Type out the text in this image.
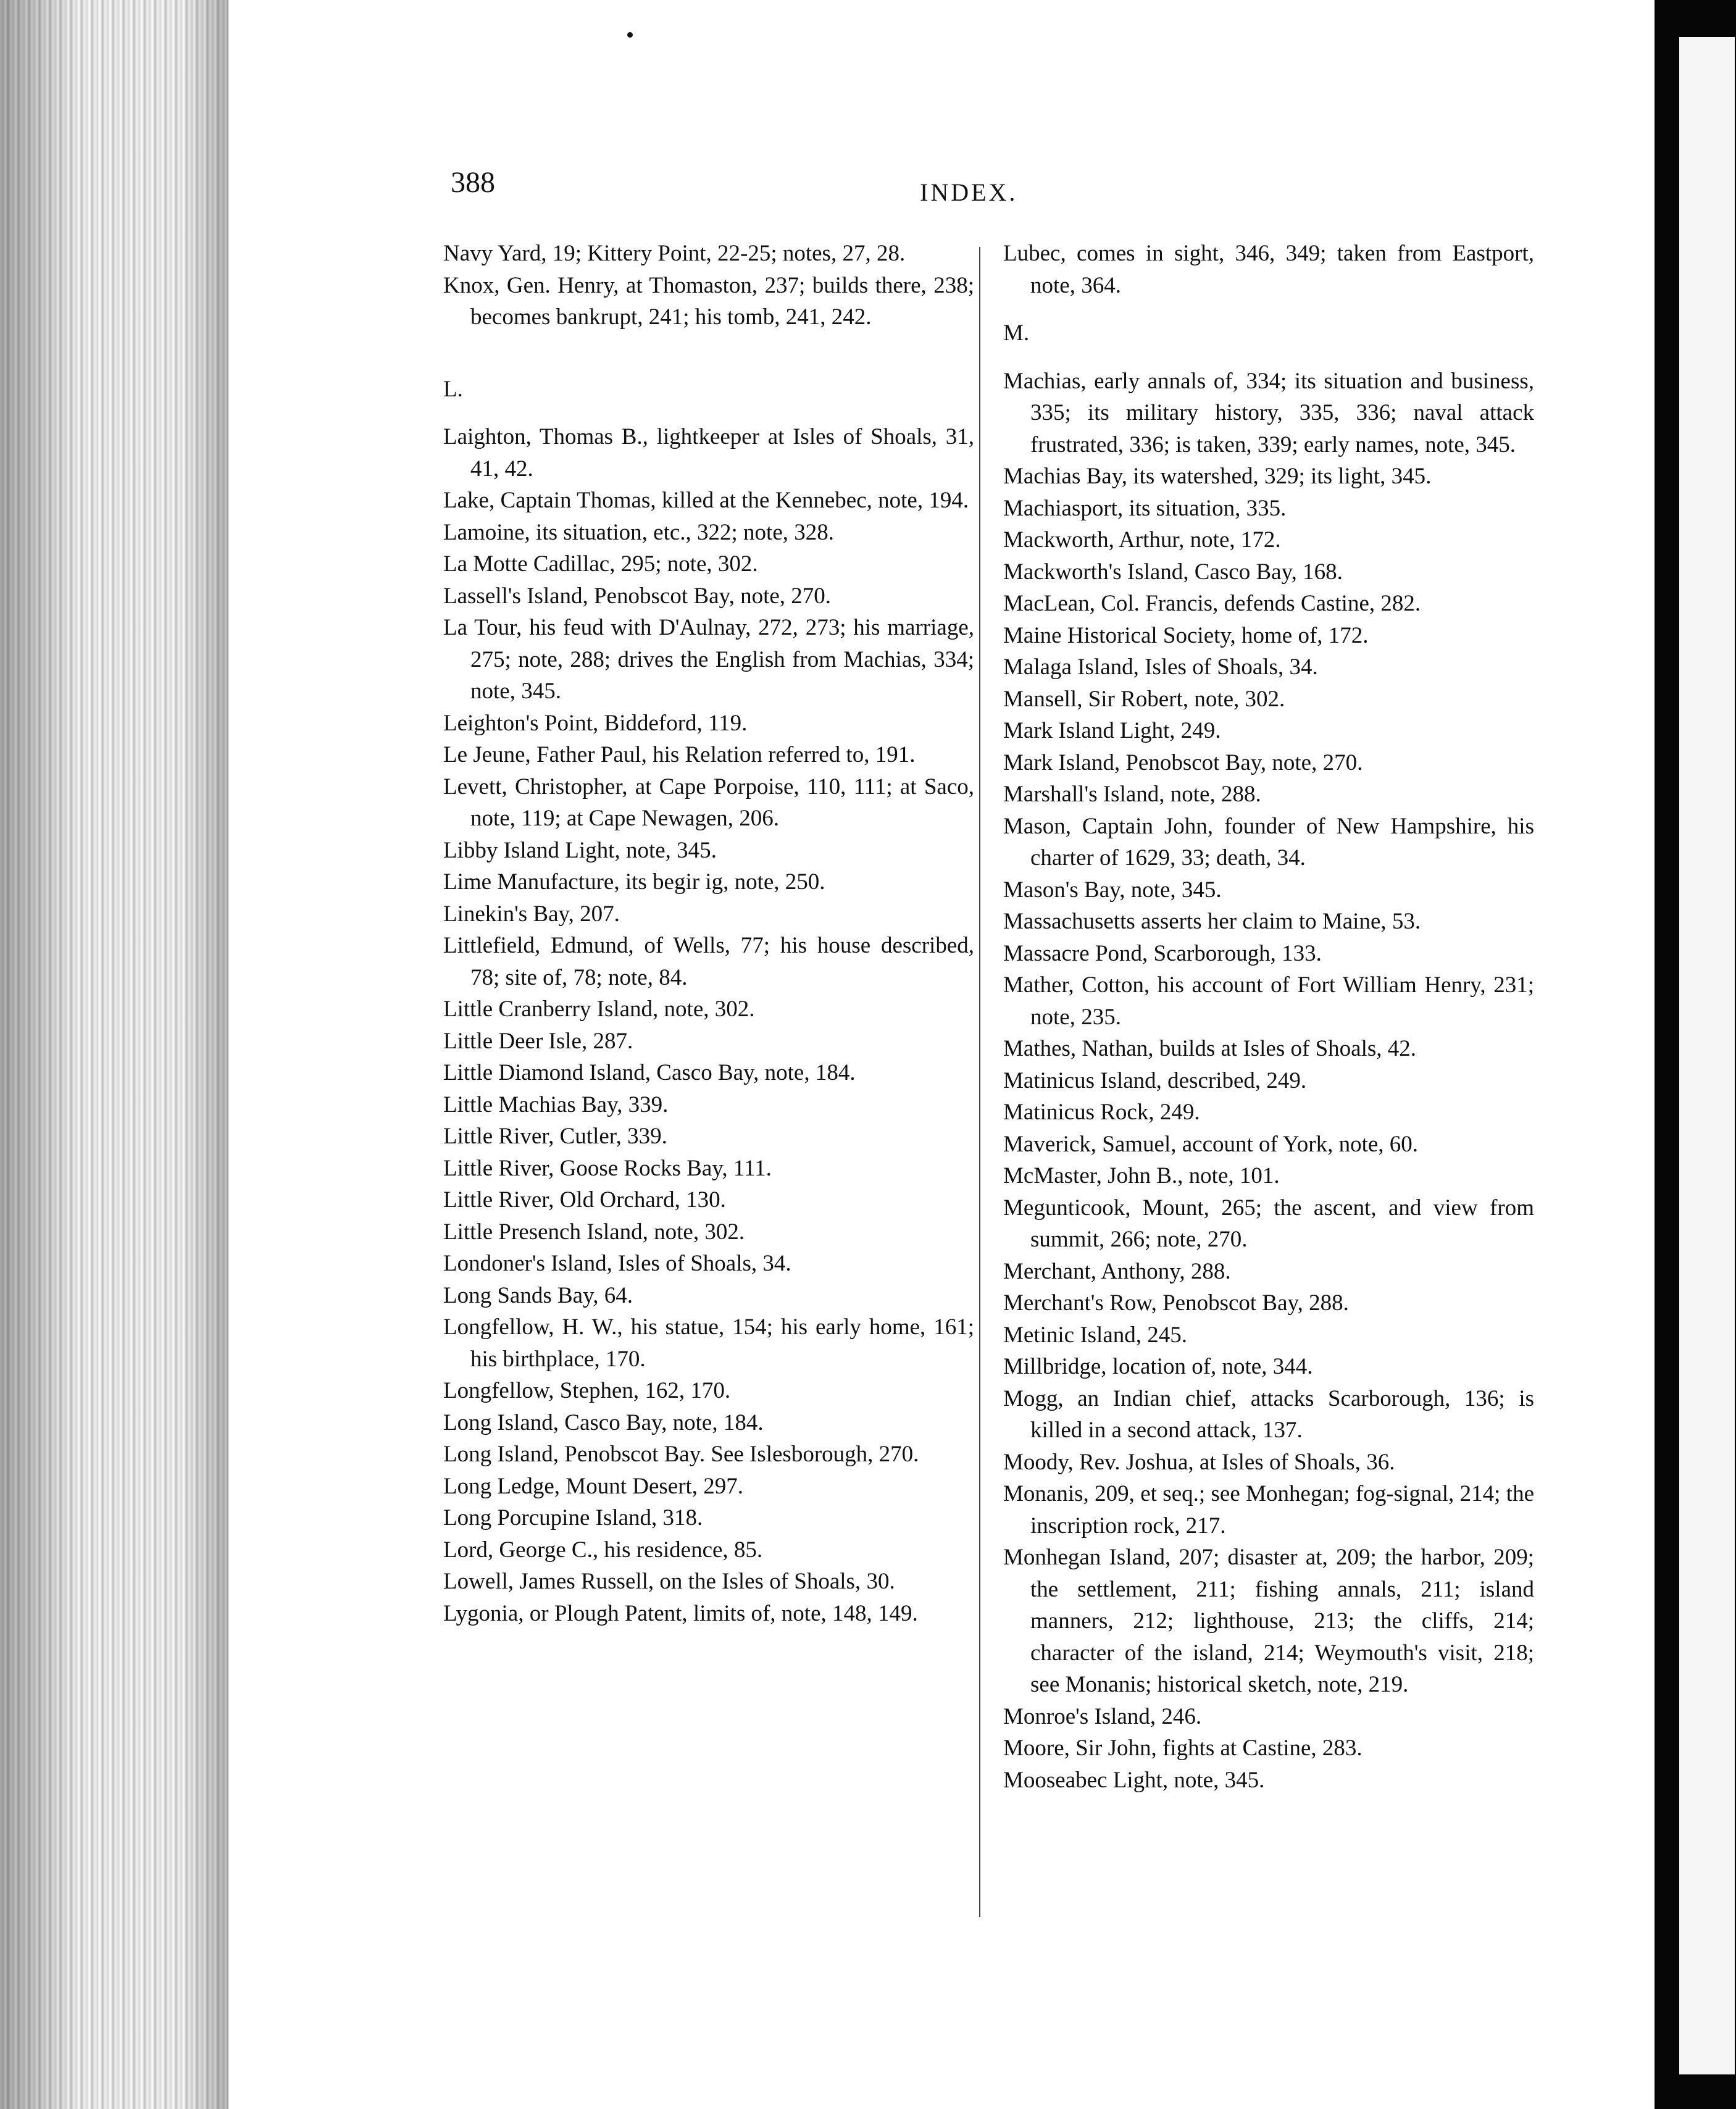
388	INDEX.
Navy Yard, 19; Kittery Point, 22-25; notes, 27, 28.
Knox, Gen. Henry, at Thomaston, 237; builds there, 238; becomes bankrupt, 241; his tomb, 241, 242.
L.
Laighton, Thomas B., lightkeeper at Isles of Shoals, 31, 41, 42.
Lake, Captain Thomas, killed at the Kennebec, note, 194.
Lamoine, its situation, etc., 322; note, 328.
La Motte Cadillac, 295; note, 302.
Lassell's Island, Penobscot Bay, note, 270.
La Tour, his feud with D'Aulnay, 272, 273; his marriage, 275; note, 288; drives the English from Machias, 334; note, 345.
Leighton's Point, Biddeford, 119.
Le Jeune, Father Paul, his Relation referred to, 191.
Levett, Christopher, at Cape Porpoise, 110, 111; at Saco, note, 119; at Cape Newagen, 206.
Libby Island Light, note, 345.
Lime Manufacture, its begir ig, note, 250.
Linekin's Bay, 207.
Littlefield, Edmund, of Wells, 77; his house described, 78; site of, 78; note, 84.
Little Cranberry Island, note, 302.
Little Deer Isle, 287.
Little Diamond Island, Casco Bay, note, 184.
Little Machias Bay, 339.
Little River, Cutler, 339.
Little River, Goose Rocks Bay, 111.
Little River, Old Orchard, 130.
Little Presench Island, note, 302.
Londoner's Island, Isles of Shoals, 34.
Long Sands Bay, 64.
Longfellow, H. W., his statue, 154; his early home, 161; his birthplace, 170.
Longfellow, Stephen, 162, 170.
Long Island, Casco Bay, note, 184.
Long Island, Penobscot Bay. See Islesborough, 270.
Long Ledge, Mount Desert, 297.
Long Porcupine Island, 318.
Lord, George C., his residence, 85.
Lowell, James Russell, on the Isles of Shoals, 30.
Lygonia, or Plough Patent, limits of, note, 148, 149.
Lubec, comes in sight, 346, 349; taken from Eastport, note, 364.
M.
Machias, early annals of, 334; its situation and business, 335; its military history, 335, 336; naval attack frustrated, 336; is taken, 339; early names, note, 345.
Machias Bay, its watershed, 329; its light, 345.
Machiasport, its situation, 335.
Mackworth, Arthur, note, 172.
Mackworth's Island, Casco Bay, 168.
MacLean, Col. Francis, defends Castine, 282.
Maine Historical Society, home of, 172.
Malaga Island, Isles of Shoals, 34.
Mansell, Sir Robert, note, 302.
Mark Island Light, 249.
Mark Island, Penobscot Bay, note, 270.
Marshall's Island, note, 288.
Mason, Captain John, founder of New Hampshire, his charter of 1629, 33; death, 34.
Mason's Bay, note, 345.
Massachusetts asserts her claim to Maine, 53.
Massacre Pond, Scarborough, 133.
Mather, Cotton, his account of Fort William Henry, 231; note, 235.
Mathes, Nathan, builds at Isles of Shoals, 42.
Matinicus Island, described, 249.
Matinicus Rock, 249.
Maverick, Samuel, account of York, note, 60.
McMaster, John B., note, 101.
Megunticook, Mount, 265; the ascent, and view from summit, 266; note, 270.
Merchant, Anthony, 288.
Merchant's Row, Penobscot Bay, 288.
Metinic Island, 245.
Millbridge, location of, note, 344.
Mogg, an Indian chief, attacks Scarborough, 136; is killed in a second attack, 137.
Moody, Rev. Joshua, at Isles of Shoals, 36.
Monanis, 209, et seq.; see Monhegan; fog-signal, 214; the inscription rock, 217.
Monhegan Island, 207; disaster at, 209; the harbor, 209; the settlement, 211; fishing annals, 211; island manners, 212; lighthouse, 213; the cliffs, 214; character of the island, 214; Weymouth's visit, 218; see Monanis; historical sketch, note, 219.
Monroe's Island, 246.
Moore, Sir John, fights at Castine, 283.
Mooseabec Light, note, 345.
